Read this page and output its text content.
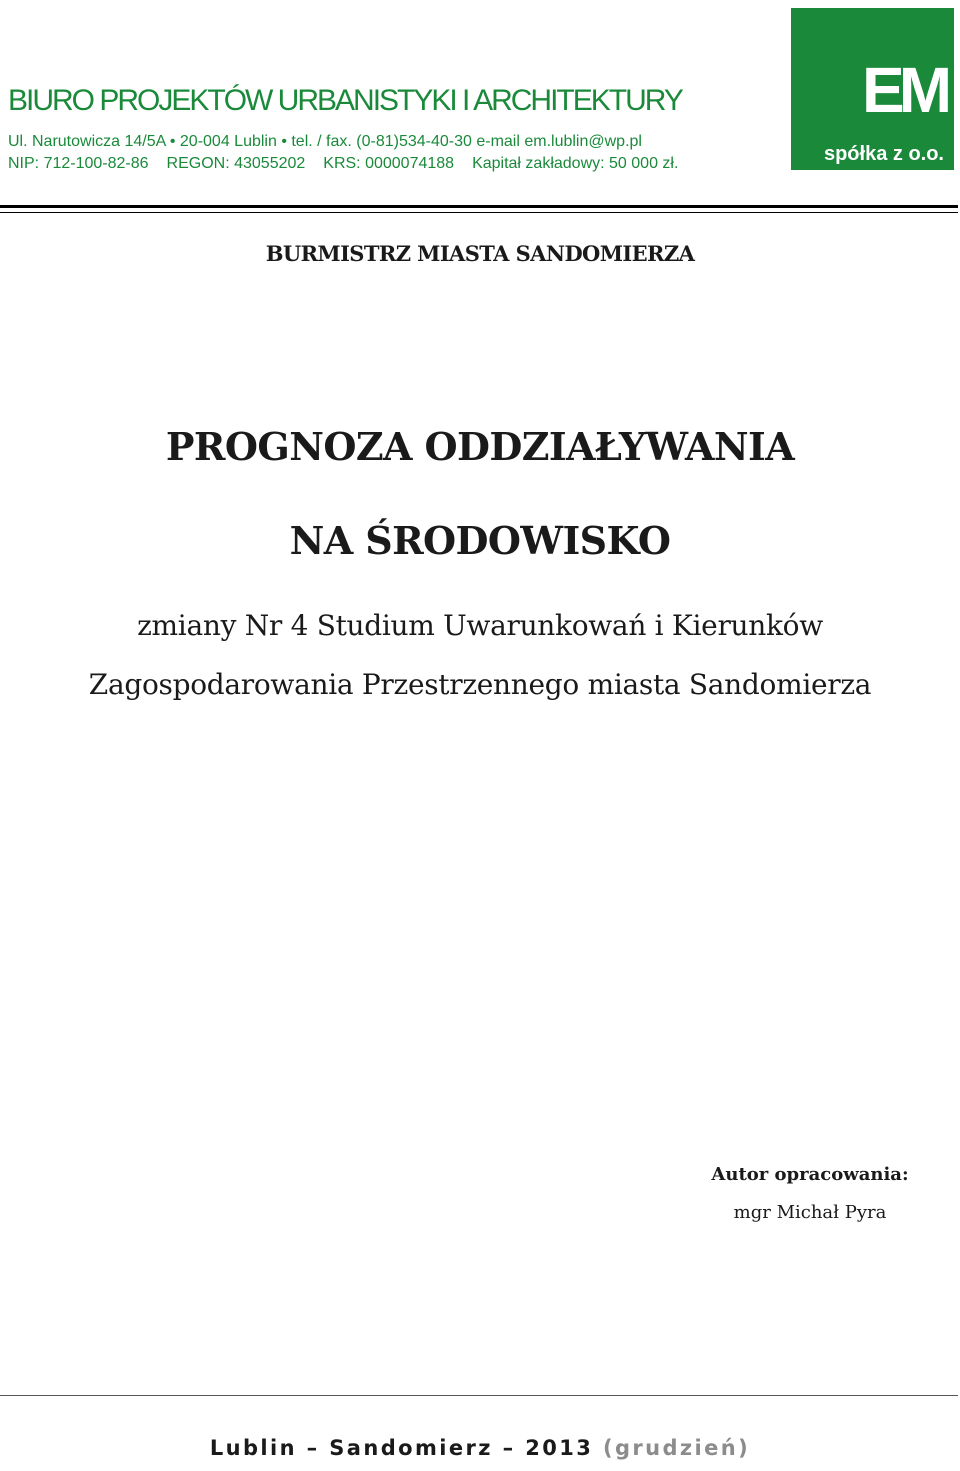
BIURO PROJEKTÓW URBANISTYKI I ARCHITEKTURY
Ul. Narutowicza 14/5A • 20-004 Lublin • tel. / fax. (0-81)534-40-30 e-mail em.lublin@wp.pl
NIP: 712-100-82-86 REGON: 43055202 KRS: 0000074188 Kapitał zakładowy: 50 000 zł.
EM
spółka z o.o.
BURMISTRZ MIASTA SANDOMIERZA
PROGNOZA ODDZIAŁYWANIA
NA ŚRODOWISKO
zmiany Nr 4 Studium Uwarunkowań i Kierunków
Zagospodarowania Przestrzennego miasta Sandomierza
Autor opracowania:
mgr Michał Pyra
Lublin – Sandomierz – 2013 (grudzień)
